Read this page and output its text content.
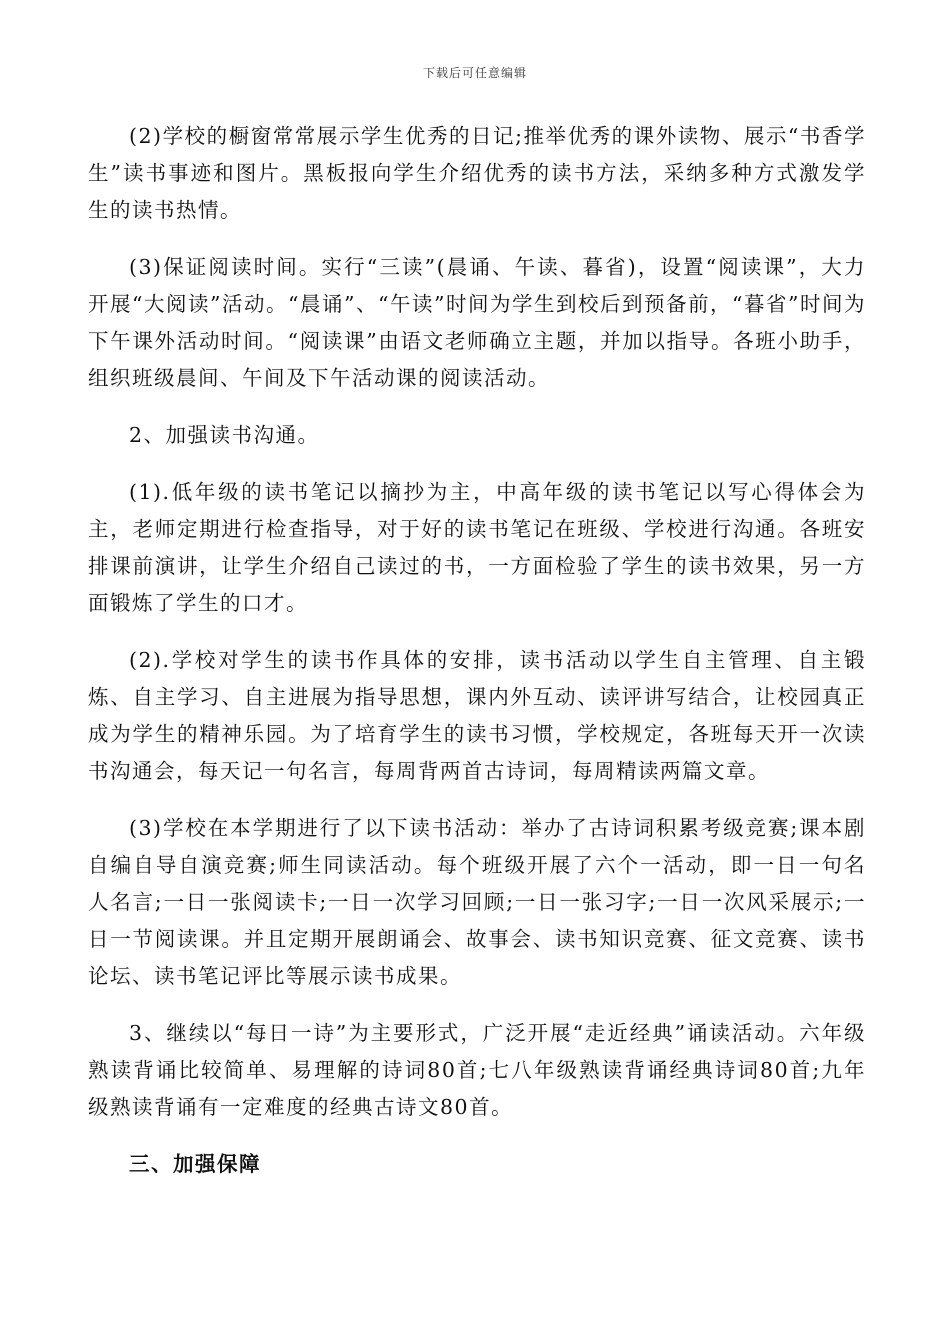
下载后可任意编辑

(2)学校的橱窗常常展示学生优秀的日记;推举优秀的课外读物、展示“书香学生”读书事迹和图片。黑板报向学生介绍优秀的读书方法，采纳多种方式激发学生的读书热情。

(3)保证阅读时间。实行“三读”(晨诵、午读、暮省)，设置“阅读课”，大力开展“大阅读”活动。“晨诵”、“午读”时间为学生到校后到预备前，“暮省”时间为下午课外活动时间。“阅读课”由语文老师确立主题，并加以指导。各班小助手，组织班级晨间、午间及下午活动课的阅读活动。

2、加强读书沟通。

(1).低年级的读书笔记以摘抄为主，中高年级的读书笔记以写心得体会为主，老师定期进行检查指导，对于好的读书笔记在班级、学校进行沟通。各班安排课前演讲，让学生介绍自己读过的书，一方面检验了学生的读书效果，另一方面锻炼了学生的口才。

(2).学校对学生的读书作具体的安排，读书活动以学生自主管理、自主锻炼、自主学习、自主进展为指导思想，课内外互动、读评讲写结合，让校园真正成为学生的精神乐园。为了培育学生的读书习惯，学校规定，各班每天开一次读书沟通会，每天记一句名言，每周背两首古诗词，每周精读两篇文章。

(3)学校在本学期进行了以下读书活动：举办了古诗词积累考级竞赛;课本剧自编自导自演竞赛;师生同读活动。每个班级开展了六个一活动，即一日一句名人名言;一日一张阅读卡;一日一次学习回顾;一日一张习字;一日一次风采展示;一日一节阅读课。并且定期开展朗诵会、故事会、读书知识竞赛、征文竞赛、读书论坛、读书笔记评比等展示读书成果。

3、继续以“每日一诗”为主要形式，广泛开展“走近经典”诵读活动。六年级熟读背诵比较简单、易理解的诗词80首;七八年级熟读背诵经典诗词80首;九年级熟读背诵有一定难度的经典古诗文80首。

三、加强保障
